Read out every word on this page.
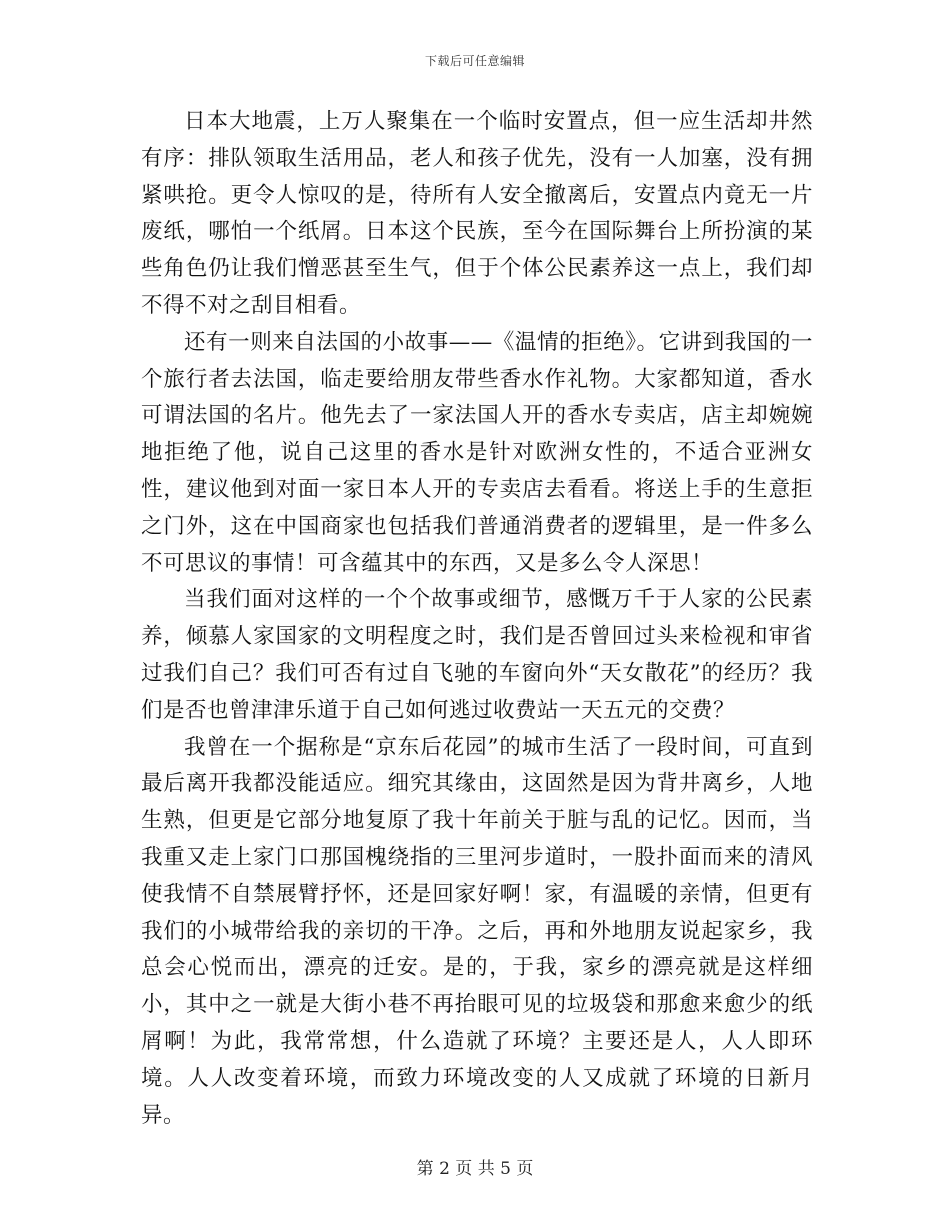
下载后可任意编辑

日本大地震，上万人聚集在一个临时安置点，但一应生活却井然有序：排队领取生活用品，老人和孩子优先，没有一人加塞，没有拥紧哄抢。更令人惊叹的是，待所有人安全撤离后，安置点内竟无一片废纸，哪怕一个纸屑。日本这个民族，至今在国际舞台上所扮演的某些角色仍让我们憎恶甚至生气，但于个体公民素养这一点上，我们却不得不对之刮目相看。

还有一则来自法国的小故事——《温情的拒绝》。它讲到我国的一个旅行者去法国，临走要给朋友带些香水作礼物。大家都知道，香水可谓法国的名片。他先去了一家法国人开的香水专卖店，店主却婉婉地拒绝了他，说自己这里的香水是针对欧洲女性的，不适合亚洲女性，建议他到对面一家日本人开的专卖店去看看。将送上手的生意拒之门外，这在中国商家也包括我们普通消费者的逻辑里，是一件多么不可思议的事情！可含蕴其中的东西，又是多么令人深思！

当我们面对这样的一个个故事或细节，感慨万千于人家的公民素养，倾慕人家国家的文明程度之时，我们是否曾回过头来检视和审省过我们自己？我们可否有过自飞驰的车窗向外“天女散花”的经历？我们是否也曾津津乐道于自己如何逃过收费站一天五元的交费？

我曾在一个据称是“京东后花园”的城市生活了一段时间，可直到最后离开我都没能适应。细究其缘由，这固然是因为背井离乡，人地生熟，但更是它部分地复原了我十年前关于脏与乱的记忆。因而，当我重又走上家门口那国槐绕指的三里河步道时，一股扑面而来的清风使我情不自禁展臂抒怀，还是回家好啊！家，有温暖的亲情，但更有我们的小城带给我的亲切的干净。之后，再和外地朋友说起家乡，我总会心悦而出，漂亮的迁安。是的，于我，家乡的漂亮就是这样细小，其中之一就是大街小巷不再抬眼可见的垃圾袋和那愈来愈少的纸屑啊！为此，我常常想，什么造就了环境？主要还是人，人人即环境。人人改变着环境，而致力环境改变的人又成就了环境的日新月异。

第 2 页 共 5 页
